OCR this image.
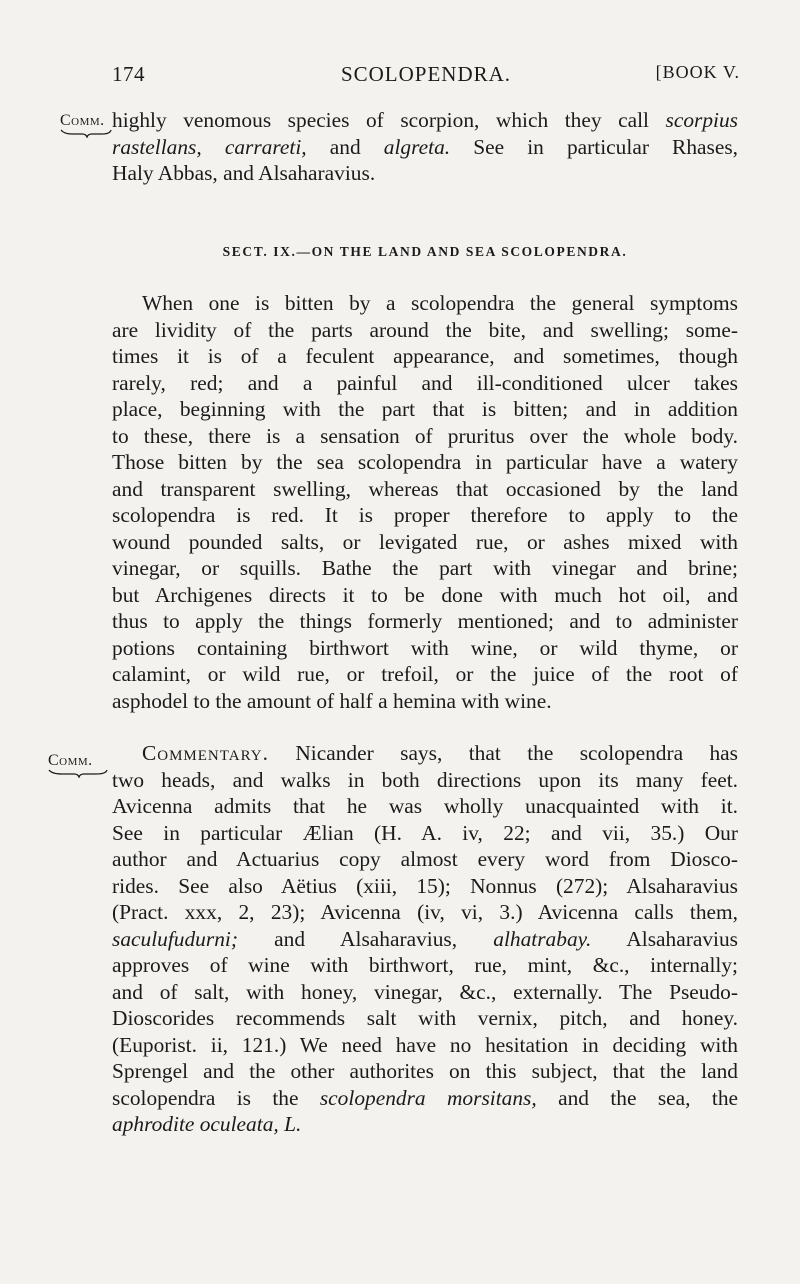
174	SCOLOPENDRA.	[BOOK V.
Comm. highly venomous species of scorpion, which they call scorpius
rastellans, carrareti, and algreta. See in particular Rhases,
Haly Abbas, and Alsaharavius.
SECT. IX.—ON THE LAND AND SEA SCOLOPENDRA.
When one is bitten by a scolopendra the general symptoms
are lividity of the parts around the bite, and swelling; some-
times it is of a feculent appearance, and sometimes, though
rarely, red; and a painful and ill-conditioned ulcer takes
place, beginning with the part that is bitten; and in addition
to these, there is a sensation of pruritus over the whole body.
Those bitten by the sea scolopendra in particular have a watery
and transparent swelling, whereas that occasioned by the land
scolopendra is red. It is proper therefore to apply to the
wound pounded salts, or levigated rue, or ashes mixed with
vinegar, or squills. Bathe the part with vinegar and brine;
but Archigenes directs it to be done with much hot oil, and
thus to apply the things formerly mentioned; and to administer
potions containing birthwort with wine, or wild thyme, or
calamint, or wild rue, or trefoil, or the juice of the root of
asphodel to the amount of half a hemina with wine.
Comm.	Commentary. Nicander says, that the scolopendra has
two heads, and walks in both directions upon its many feet.
Avicenna admits that he was wholly unacquainted with it.
See in particular Ælian (H. A. iv, 22; and vii, 35.) Our
author and Actuarius copy almost every word from Diosco-
rides. See also Aëtius (xiii, 15); Nonnus (272); Alsaharavius
(Pract. xxx, 2, 23); Avicenna (iv, vi, 3.) Avicenna calls them,
saculufudurni; and Alsaharavius, alhatrabay. Alsaharavius
approves of wine with birthwort, rue, mint, &c., internally;
and of salt, with honey, vinegar, &c., externally. The Pseudo-
Dioscorides recommends salt with vernix, pitch, and honey.
(Euporist. ii, 121.) We need have no hesitation in deciding with
Sprengel and the other authorites on this subject, that the land
scolopendra is the scolopendra morsitans, and the sea, the
aphrodite oculeata, L.
